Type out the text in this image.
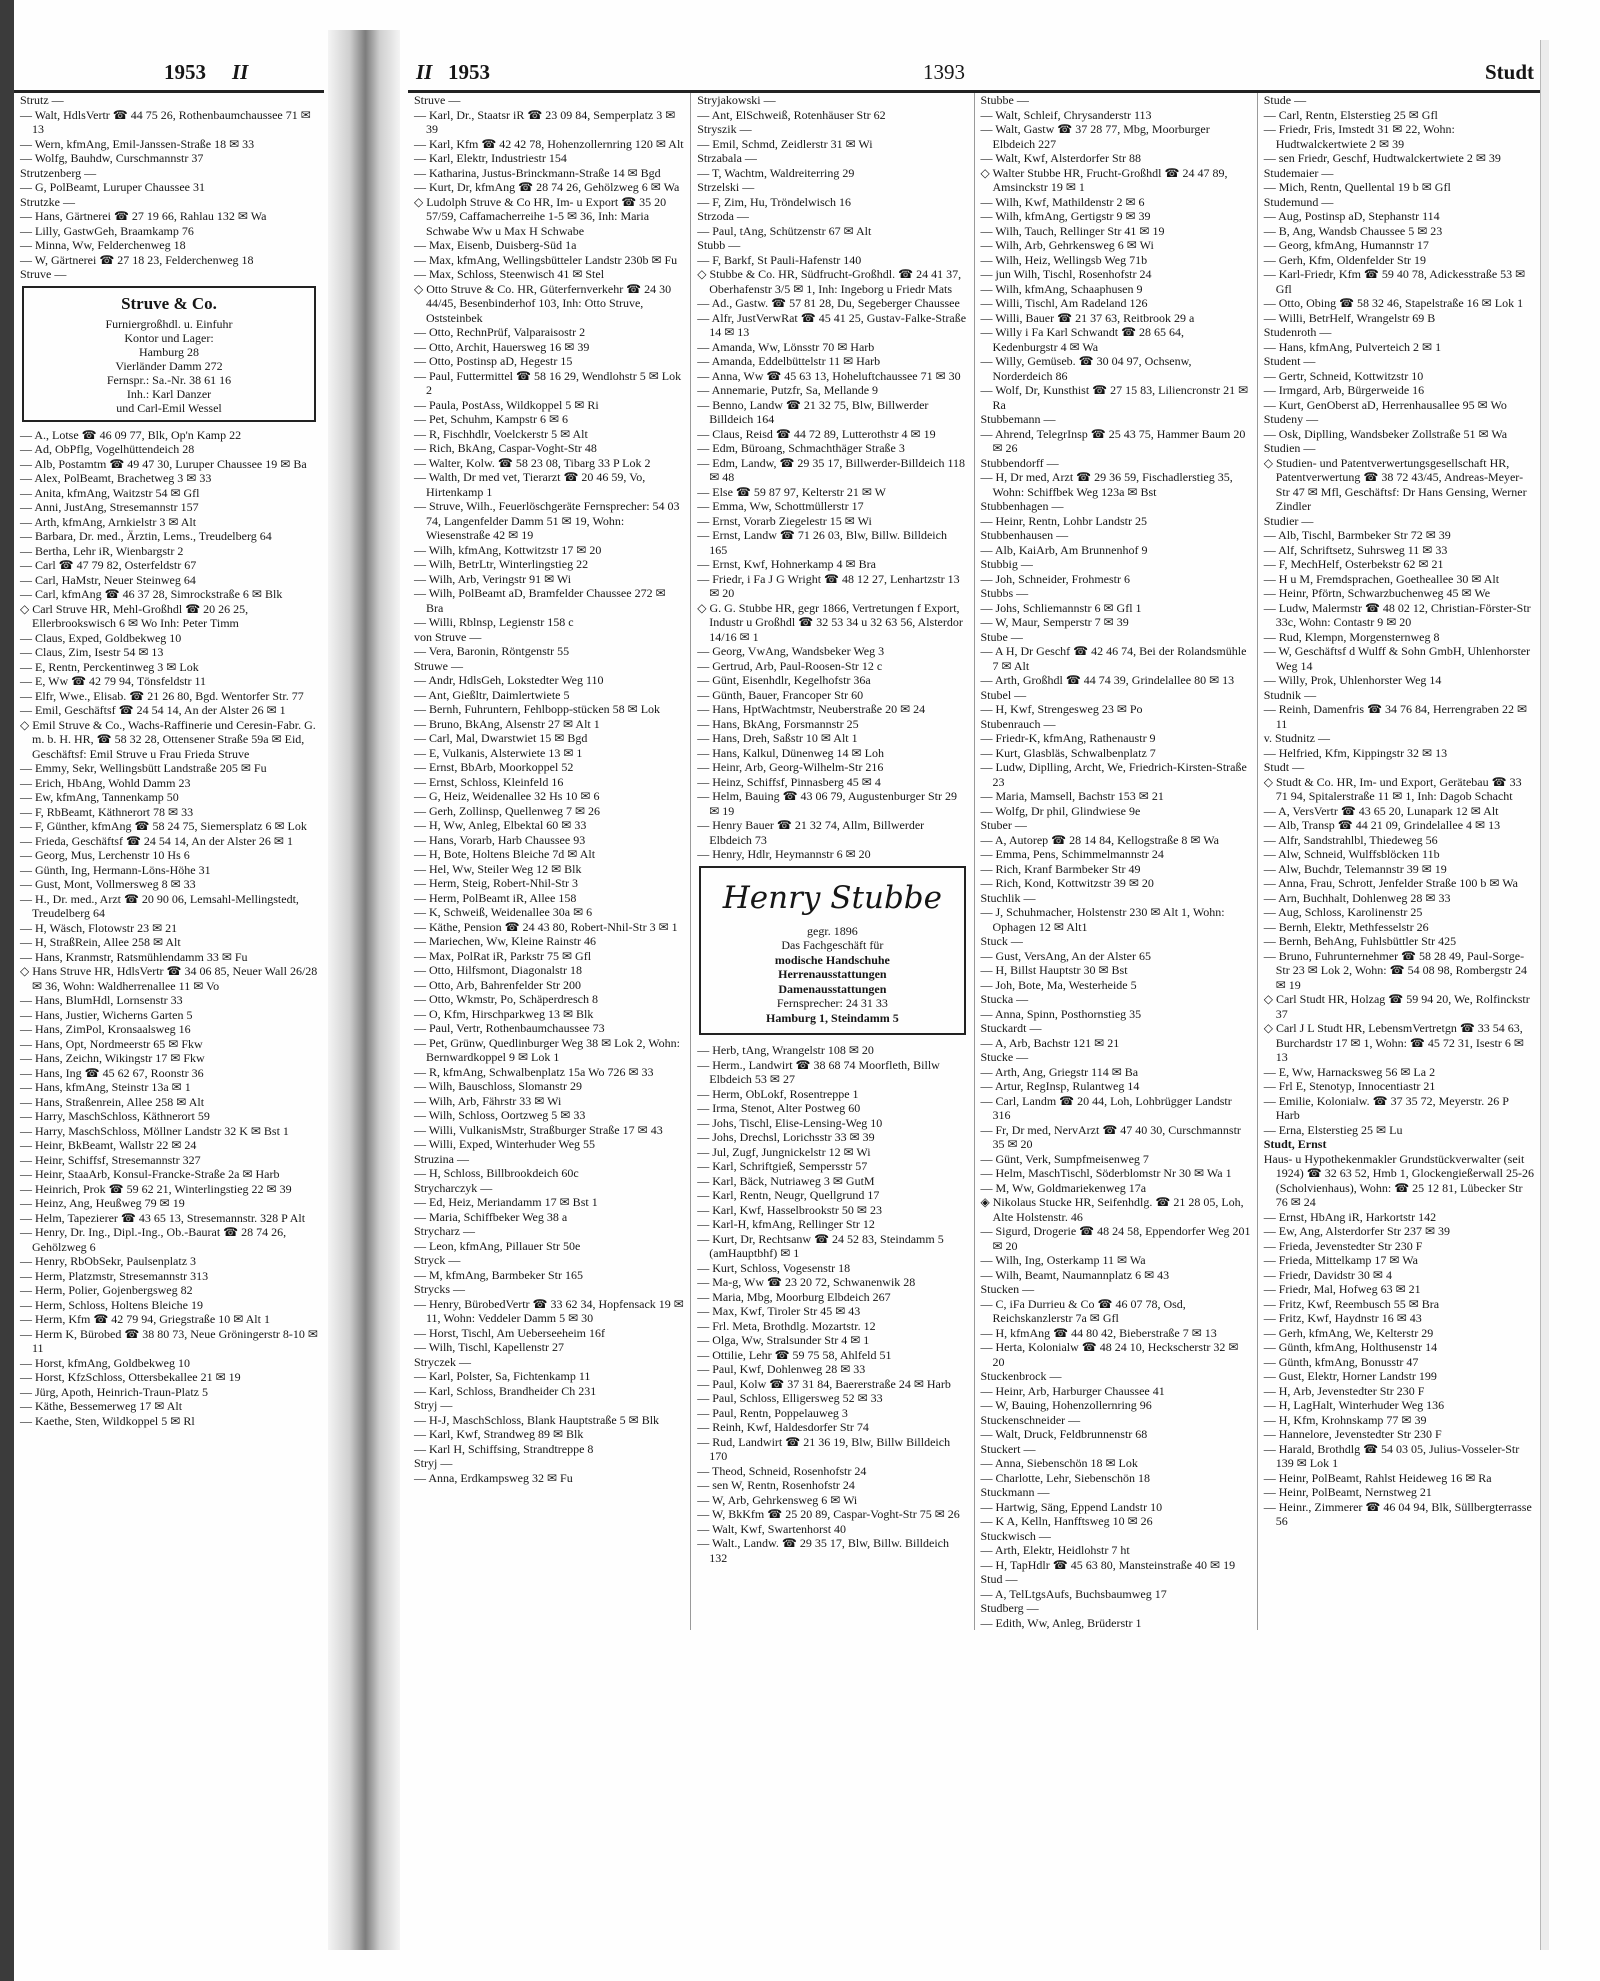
1953 II
Strutz —
— Walt, HdlsVertr ☎ 44 75 26, Rothenbaumchaussee 71 ✉ 13
— Wern, kfmAng, Emil-Janssen-Straße 18 ✉ 33
— Wolfg, Bauhdw, Curschmannstr 37
Strutzenberg —
— G, PolBeamt, Luruper Chaussee 31
Strutzke —
— Hans, Gärtnerei ☎ 27 19 66, Rahlau 132 ✉ Wa
— Lilly, GastwGeh, Braamkamp 76
— Minna, Ww, Felderchenweg 18
— W, Gärtnerei ☎ 27 18 23, Felderchenweg 18
Struve —
Struve & Co.
Furniergroßhdl. u. Einfuhr
Kontor und Lager:
Hamburg 28
Vierländer Damm 272
Fernspr.: Sa.-Nr. 38 61 16
Inh.: Karl Danzer
und Carl-Emil Wessel
— A., Lotse ☎ 46 09 77, Blk, Op'n Kamp 22
— Ad, ObPflg, Vogelhüttendeich 28
— Alb, Postamtm ☎ 49 47 30, Luruper Chaussee 19 ✉ Ba
— Alex, PolBeamt, Brachetweg 3 ✉ 33
— Anita, kfmAng, Waitzstr 54 ✉ Gfl
— Anni, JustAng, Stresemannstr 157
— Arth, kfmAng, Arnkielstr 3 ✉ Alt
— Barbara, Dr. med., Ärztin, Lems., Treudelberg 64
— Bertha, Lehr iR, Wienbargstr 2
— Carl ☎ 47 79 82, Osterfeldstr 67
— Carl, HaMstr, Neuer Steinweg 64
— Carl, kfmAng ☎ 46 37 28, Simrockstraße 6 ✉ Blk
◇ Carl Struve HR, Mehl-Großhdl ☎ 20 26 25, Ellerbrookswisch 6 ✉ Wo Inh: Peter Timm
— Claus, Exped, Goldbekweg 10
— Claus, Zim, Isestr 54 ✉ 13
— E, Rentn, Perckentinweg 3 ✉ Lok
— E, Ww ☎ 42 79 94, Tönsfeldstr 11
— Elfr, Wwe., Elisab. ☎ 21 26 80, Bgd. Wentorfer Str. 77
— Emil, Geschäftsf ☎ 24 54 14, An der Alster 26 ✉ 1
◇ Emil Struve & Co., Wachs-Raffinerie und Ceresin-Fabr. G. m. b. H. HR, ☎ 58 32 28, Ottensener Straße 59a ✉ Eid, Geschäftsf: Emil Struve u Frau Frieda Struve
— Emmy, Sekr, Wellingsbütt Landstraße 205 ✉ Fu
— Erich, HbAng, Wohld Damm 23
— Ew, kfmAng, Tannenkamp 50
— F, RbBeamt, Käthnerort 78 ✉ 33
— F, Günther, kfmAng ☎ 58 24 75, Siemersplatz 6 ✉ Lok
— Frieda, Geschäftsf ☎ 24 54 14, An der Alster 26 ✉ 1
— Georg, Mus, Lerchenstr 10 Hs 6
— Günth, Ing, Hermann-Löns-Höhe 31
— Gust, Mont, Vollmersweg 8 ✉ 33
— H., Dr. med., Arzt ☎ 20 90 06, Lemsahl-Mellingstedt, Treudelberg 64
— H, Wäsch, Flotowstr 23 ✉ 21
— H, StraßRein, Allee 258 ✉ Alt
— Hans, Kranmstr, Ratsmühlendamm 33 ✉ Fu
◇ Hans Struve HR, HdlsVertr ☎ 34 06 85, Neuer Wall 26/28 ✉ 36, Wohn: Waldherrenallee 11 ✉ Vo
— Hans, BlumHdl, Lornsenstr 33
— Hans, Justier, Wicherns Garten 5
— Hans, ZimPol, Kronsaalsweg 16
— Hans, Opt, Nordmeerstr 65 ✉ Fkw
— Hans, Zeichn, Wikingstr 17 ✉ Fkw
— Hans, Ing ☎ 45 62 67, Roonstr 36
— Hans, kfmAng, Steinstr 13a ✉ 1
— Hans, Straßenrein, Allee 258 ✉ Alt
— Harry, MaschSchloss, Käthnerort 59
— Harry, MaschSchloss, Möllner Landstr 32 K ✉ Bst 1
— Heinr, BkBeamt, Wallstr 22 ✉ 24
— Heinr, Schiffsf, Stresemannstr 327
— Heinr, StaaArb, Konsul-Francke-Straße 2a ✉ Harb
— Heinrich, Prok ☎ 59 62 21, Winterlingstieg 22 ✉ 39
— Heinz, Ang, Heußweg 79 ✉ 19
— Helm, Tapezierer ☎ 43 65 13, Stresemannstr. 328 P Alt
— Henry, Dr. Ing., Dipl.-Ing., Ob.-Baurat ☎ 28 74 26, Gehölzweg 6
— Henry, RbObSekr, Paulsenplatz 3
— Herm, Platzmstr, Stresemannstr 313
— Herm, Polier, Gojenbergsweg 82
— Herm, Schloss, Holtens Bleiche 19
— Herm, Kfm ☎ 42 79 94, Griegstraße 10 ✉ Alt 1
— Herm K, Bürobed ☎ 38 80 73, Neue Gröningerstr 8-10 ✉ 11
— Horst, kfmAng, Goldbekweg 10
— Horst, KfzSchloss, Ottersbekallee 21 ✉ 19
— Jürg, Apoth, Heinrich-Traun-Platz 5
— Käthe, Bessemerweg 17 ✉ Alt
— Kaethe, Sten, Wildkoppel 5 ✉ Rl
II 1953	1393	Studt
Struve —
— Karl, Dr., Staatsr iR ☎ 23 09 84, Semperplatz 3 ✉ 39
— Karl, Kfm ☎ 42 42 78, Hohenzollernring 120 ✉ Alt
— Karl, Elektr, Industriestr 154
— Katharina, Justus-Brinckmann-Straße 14 ✉ Bgd
— Kurt, Dr, kfmAng ☎ 28 74 26, Gehölzweg 6 ✉ Wa
◇ Ludolph Struve & Co HR, Im- u Export ☎ 35 20 57/59, Caffamacherreihe 1-5 ✉ 36, Inh: Maria Schwabe Ww u Max H Schwabe
— Max, Eisenb, Duisberg-Süd 1a
— Max, kfmAng, Wellingsbütteler Landstr 230b ✉ Fu
— Max, Schloss, Steenwisch 41 ✉ Stel
◇ Otto Struve & Co. HR, Güterfernverkehr ☎ 24 30 44/45, Besenbinderhof 103, Inh: Otto Struve, Oststeinbek
— Otto, RechnPrüf, Valparaisostr 2
— Otto, Archit, Hauersweg 16 ✉ 39
— Otto, Postinsp aD, Hegestr 15
— Paul, Futtermittel ☎ 58 16 29, Wendlohstr 5 ✉ Lok 2
— Paula, PostAss, Wildkoppel 5 ✉ Ri
— Pet, Schuhm, Kampstr 6 ✉ 6
— R, Fischhdlr, Voelckerstr 5 ✉ Alt
— Rich, BkAng, Caspar-Voght-Str 48
— Walter, Kolw. ☎ 58 23 08, Tibarg 33 P Lok 2
— Walth, Dr med vet, Tierarzt ☎ 20 46 59, Vo, Hirtenkamp 1
— Struve, Wilh., Feuerlöschgeräte Fernsprecher: 54 03 74, Langenfelder Damm 51 ✉ 19, Wohn: Wiesenstraße 42 ✉ 19
— Wilh, kfmAng, Kottwitzstr 17 ✉ 20
— Wilh, BetrLtr, Winterlingstieg 22
— Wilh, Arb, Veringstr 91 ✉ Wi
— Wilh, PolBeamt aD, Bramfelder Chaussee 272 ✉ Bra
— Willi, Rblnsp, Legienstr 158 c
von Struve —
— Vera, Baronin, Röntgenstr 55
Struwe —
— Andr, HdlsGeh, Lokstedter Weg 110
— Ant, Gießltr, Daimlertwiete 5
— Bernh, Fuhruntern, Fehlbopp-stücken 58 ✉ Lok
— Bruno, BkAng, Alsenstr 27 ✉ Alt 1
— Carl, Mal, Dwarstwiet 15 ✉ Bgd
— E, Vulkanis, Alsterwiete 13 ✉ 1
— Ernst, BbArb, Moorkoppel 52
— Ernst, Schloss, Kleinfeld 16
— G, Heiz, Weidenallee 32 Hs 10 ✉ 6
— Gerh, Zollinsp, Quellenweg 7 ✉ 26
— H, Ww, Anleg, Elbektal 60 ✉ 33
— Hans, Vorarb, Harb Chaussee 93
— H, Bote, Holtens Bleiche 7d ✉ Alt
— Hel, Ww, Steiler Weg 12 ✉ Blk
— Herm, Steig, Robert-Nhil-Str 3
— Herm, PolBeamt iR, Allee 158
— K, Schweiß, Weidenallee 30a ✉ 6
— Käthe, Pension ☎ 24 43 80, Robert-Nhil-Str 3 ✉ 1
— Mariechen, Ww, Kleine Rainstr 46
— Max, PolRat iR, Parkstr 75 ✉ Gfl
— Otto, Hilfsmont, Diagonalstr 18
— Otto, Arb, Bahrenfelder Str 200
— Otto, Wkmstr, Po, Schäperdresch 8
— O, Kfm, Hirschparkweg 13 ✉ Blk
— Paul, Vertr, Rothenbaumchaussee 73
— Pet, Grünw, Quedlinburger Weg 38 ✉ Lok 2, Wohn: Bernwardkoppel 9 ✉ Lok 1
— R, kfmAng, Schwalbenplatz 15a Wo 726 ✉ 33
— Wilh, Bauschloss, Slomanstr 29
— Wilh, Arb, Fährstr 33 ✉ Wi
— Wilh, Schloss, Oortzweg 5 ✉ 33
— Willi, VulkanisMstr, Straßburger Straße 17 ✉ 43
— Willi, Exped, Winterhuder Weg 55
Struzina —
— H, Schloss, Billbrookdeich 60c
Strycharczyk —
— Ed, Heiz, Meriandamm 17 ✉ Bst 1
— Maria, Schiffbeker Weg 38 a
Strycharz —
— Leon, kfmAng, Pillauer Str 50e
Stryck —
— M, kfmAng, Barmbeker Str 165
Strycks —
— Henry, BürobedVertr ☎ 33 62 34, Hopfensack 19 ✉ 11, Wohn: Veddeler Damm 5 ✉ 30
— Horst, Tischl, Am Ueberseeheim 16f
— Wilh, Tischl, Kapellenstr 27
Stryczek —
— Karl, Polster, Sa, Fichtenkamp 11
— Karl, Schloss, Brandheider Ch 231
Stryj —
— H-J, MaschSchloss, Blank Hauptstraße 5 ✉ Blk
— Karl, Kwf, Strandweg 89 ✉ Blk
— Karl H, Schiffsing, Strandtreppe 8
Stryj —
— Anna, Erdkampsweg 32 ✉ Fu
Stryjakowski —
— Ant, ElSchweiß, Rotenhäuser Str 62
Stryszik —
— Emil, Schmd, Zeidlerstr 31 ✉ Wi
Strzabala —
— T, Wachtm, Waldreiterring 29
Strzelski —
— F, Zim, Hu, Tröndelwisch 16
Strzoda —
— Paul, tAng, Schützenstr 67 ✉ Alt
Stubb —
— F, Barkf, St Pauli-Hafenstr 140
◇ Stubbe & Co. HR, Südfrucht-Großhdl. ☎ 24 41 37, Oberhafenstr 3/5 ✉ 1, Inh: Ingeborg u Friedr Mats
— Ad., Gastw. ☎ 57 81 28, Du, Segeberger Chaussee
— Alfr, JustVerwRat ☎ 45 41 25, Gustav-Falke-Straße 14 ✉ 13
— Amanda, Ww, Lönsstr 70 ✉ Harb
— Amanda, Eddelbüttelstr 11 ✉ Harb
— Anna, Ww ☎ 45 63 13, Hoheluftchaussee 71 ✉ 30
— Annemarie, Putzfr, Sa, Mellande 9
— Benno, Landw ☎ 21 32 75, Blw, Billwerder Billdeich 164
— Claus, Reisd ☎ 44 72 89, Lutterothstr 4 ✉ 19
— Edm, Büroang, Schmachthäger Straße 3
— Edm, Landw, ☎ 29 35 17, Billwerder-Billdeich 118 ✉ 48
— Else ☎ 59 87 97, Kelterstr 21 ✉ W
— Emma, Ww, Schottmüllerstr 17
— Ernst, Vorarb Ziegelestr 15 ✉ Wi
— Ernst, Landw ☎ 71 26 03, Blw, Billw. Billdeich 165
— Ernst, Kwf, Hohnerkamp 4 ✉ Bra
— Friedr, i Fa J G Wright ☎ 48 12 27, Lenhartzstr 13 ✉ 20
◇ G. G. Stubbe HR, gegr 1866, Vertretungen f Export, Industr u Großhdl ☎ 32 53 34 u 32 63 56, Alsterdor 14/16 ✉ 1
— Georg, VwAng, Wandsbeker Weg 3
— Gertrud, Arb, Paul-Roosen-Str 12 c
— Günt, Eisenhdlr, Kegelhofstr 36a
— Günth, Bauer, Francoper Str 60
— Hans, HptWachtmstr, Neuberstraße 20 ✉ 24
— Hans, BkAng, Forsmannstr 25
— Hans, Dreh, Saßstr 10 ✉ Alt 1
— Hans, Kalkul, Dünenweg 14 ✉ Loh
— Heinr, Arb, Georg-Wilhelm-Str 216
— Heinz, Schiffsf, Pinnasberg 45 ✉ 4
— Helm, Bauing ☎ 43 06 79, Augustenburger Str 29 ✉ 19
— Henry Bauer ☎ 21 32 74, Allm, Billwerder Elbdeich 73
— Henry, Hdlr, Heymannstr 6 ✉ 20
Henry Stubbe
gegr. 1896
Das Fachgeschäft für
modische Handschuhe
Herrenausstattungen
Damenausstattungen
Fernsprecher: 24 31 33
Hamburg 1, Steindamm 5
— Herb, tAng, Wrangelstr 108 ✉ 20
— Herm., Landwirt ☎ 38 68 74 Moorfleth, Billw Elbdeich 53 ✉ 27
— Herm, ObLokf, Rosentreppe 1
— Irma, Stenot, Alter Postweg 60
— Johs, Tischl, Elise-Lensing-Weg 10
— Johs, Drechsl, Lorichsstr 33 ✉ 39
— Jul, Zugf, Jungnickelstr 12 ✉ Wi
— Karl, Schriftgieß, Sempersstr 57
— Karl, Bäck, Nutriaweg 3 ✉ GutM
— Karl, Rentn, Neugr, Quellgrund 17
— Karl, Kwf, Hasselbrookstr 50 ✉ 23
— Karl-H, kfmAng, Rellinger Str 12
— Kurt, Dr, Rechtsanw ☎ 24 52 83, Steindamm 5 (amHauptbhf) ✉ 1
— Kurt, Schloss, Vogesenstr 18
— Ma-g, Ww ☎ 23 20 72, Schwanenwik 28
— Maria, Mbg, Moorburg Elbdeich 267
— Max, Kwf, Tiroler Str 45 ✉ 43
— Frl. Meta, Brothdlg. Mozartstr. 12
— Olga, Ww, Stralsunder Str 4 ✉ 1
— Ottilie, Lehr ☎ 59 75 58, Ahlfeld 51
— Paul, Kwf, Dohlenweg 28 ✉ 33
— Paul, Kolw ☎ 37 31 84, Baererstraße 24 ✉ Harb
— Paul, Schloss, Elligersweg 52 ✉ 33
— Paul, Rentn, Poppelauweg 3
— Reinh, Kwf, Haldesdorfer Str 74
— Rud, Landwirt ☎ 21 36 19, Blw, Billw Billdeich 170
— Theod, Schneid, Rosenhofstr 24
— sen W, Rentn, Rosenhofstr 24
— W, Arb, Gehrkensweg 6 ✉ Wi
— W, BkKfm ☎ 25 20 89, Caspar-Voght-Str 75 ✉ 26
— Walt, Kwf, Swartenhorst 40
— Walt., Landw. ☎ 29 35 17, Blw, Billw. Billdeich 132
Stubbe —
— Walt, Schleif, Chrysanderstr 113
— Walt, Gastw ☎ 37 28 77, Mbg, Moorburger Elbdeich 227
— Walt, Kwf, Alsterdorfer Str 88
◇ Walter Stubbe HR, Frucht-Großhdl ☎ 24 47 89, Amsinckstr 19 ✉ 1
— Wilh, Kwf, Mathildenstr 2 ✉ 6
— Wilh, kfmAng, Gertigstr 9 ✉ 39
— Wilh, Tauch, Rellinger Str 41 ✉ 19
— Wilh, Arb, Gehrkensweg 6 ✉ Wi
— Wilh, Heiz, Wellingsb Weg 71b
— jun Wilh, Tischl, Rosenhofstr 24
— Wilh, kfmAng, Schaaphusen 9
— Willi, Tischl, Am Radeland 126
— Willi, Bauer ☎ 21 37 63, Reitbrook 29 a
— Willy i Fa Karl Schwandt ☎ 28 65 64, Kedenburgstr 4 ✉ Wa
— Willy, Gemüseb. ☎ 30 04 97, Ochsenw, Norderdeich 86
— Wolf, Dr, Kunsthist ☎ 27 15 83, Liliencronstr 21 ✉ Ra
Stubbemann —
— Ahrend, TelegrInsp ☎ 25 43 75, Hammer Baum 20 ✉ 26
Stubbendorff —
— H, Dr med, Arzt ☎ 29 36 59, Fischadlerstieg 35, Wohn: Schiffbek Weg 123a ✉ Bst
Stubbenhagen —
— Heinr, Rentn, Lohbr Landstr 25
Stubbenhausen —
— Alb, KaiArb, Am Brunnenhof 9
Stubbig —
— Joh, Schneider, Frohmestr 6
Stubbs —
— Johs, Schliemannstr 6 ✉ Gfl 1
— W, Maur, Semperstr 7 ✉ 39
Stube —
— A H, Dr Geschf ☎ 42 46 74, Bei der Rolandsmühle 7 ✉ Alt
— Arth, Großhdl ☎ 44 74 39, Grindelallee 80 ✉ 13
Stubel —
— H, Kwf, Strengesweg 23 ✉ Po
Stubenrauch —
— Friedr-K, kfmAng, Rathenaustr 9
— Kurt, Glasbläs, Schwalbenplatz 7
— Ludw, Diplling, Archt, We, Friedrich-Kirsten-Straße 23
— Maria, Mamsell, Bachstr 153 ✉ 21
— Wolfg, Dr phil, Glindwiese 9e
Stuber —
— A, Autorep ☎ 28 14 84, Kellogstraße 8 ✉ Wa
— Emma, Pens, Schimmelmannstr 24
— Rich, Kranf Barmbeker Str 49
— Rich, Kond, Kottwitzstr 39 ✉ 20
Stuchlik —
— J, Schuhmacher, Holstenstr 230 ✉ Alt 1, Wohn: Ophagen 12 ✉ Alt1
Stuck —
— Gust, VersAng, An der Alster 65
— H, Billst Hauptstr 30 ✉ Bst
— Joh, Bote, Ma, Westerheide 5
Stucka —
— Anna, Spinn, Posthornstieg 35
Stuckardt —
— A, Arb, Bachstr 121 ✉ 21
Stucke —
— Arth, Ang, Griegstr 114 ✉ Ba
— Artur, RegInsp, Rulantweg 14
— Carl, Landm ☎ 20 44, Loh, Lohbrügger Landstr 316
— Fr, Dr med, NervArzt ☎ 47 40 30, Curschmannstr 35 ✉ 20
— Günt, Verk, Sumpfmeisenweg 7
— Helm, MaschTischl, Söderblomstr Nr 30 ✉ Wa 1
— M, Ww, Goldmariekenweg 17a
◈ Nikolaus Stucke HR, Seifenhdlg. ☎ 21 28 05, Loh, Alte Holstenstr. 46
— Sigurd, Drogerie ☎ 48 24 58, Eppendorfer Weg 201 ✉ 20
— Wilh, Ing, Osterkamp 11 ✉ Wa
— Wilh, Beamt, Naumannplatz 6 ✉ 43
Stucken —
— C, iFa Durrieu & Co ☎ 46 07 78, Osd, Reichskanzlerstr 7a ✉ Gfl
— H, kfmAng ☎ 44 80 42, Bieberstraße 7 ✉ 13
— Herta, Kolonialw ☎ 48 24 10, Heckscherstr 32 ✉ 20
Stuckenbrock —
— Heinr, Arb, Harburger Chaussee 41
— W, Bauing, Hohenzollernring 96
Stuckenschneider —
— Walt, Druck, Feldbrunnenstr 68
Stuckert —
— Anna, Siebenschön 18 ✉ Lok
— Charlotte, Lehr, Siebenschön 18
Stuckmann —
— Hartwig, Säng, Eppend Landstr 10
— K A, Kelln, Hanfftsweg 10 ✉ 26
Stuckwisch —
— Arth, Elektr, Heidlohstr 7 ht
— H, TapHdlr ☎ 45 63 80, Mansteinstraße 40 ✉ 19
Stud —
— A, TelLtgsAufs, Buchsbaumweg 17
Studberg —
— Edith, Ww, Anleg, Brüderstr 1
Stude —
— Carl, Rentn, Elsterstieg 25 ✉ Gfl
— Friedr, Fris, Imstedt 31 ✉ 22, Wohn: Hudtwalckertwiete 2 ✉ 39
— sen Friedr, Geschf, Hudtwalckertwiete 2 ✉ 39
Studemaier —
— Mich, Rentn, Quellental 19 b ✉ Gfl
Studemund —
— Aug, Postinsp aD, Stephanstr 114
— B, Ang, Wandsb Chaussee 5 ✉ 23
— Georg, kfmAng, Humannstr 17
— Gerh, Kfm, Oldenfelder Str 19
— Karl-Friedr, Kfm ☎ 59 40 78, Adickesstraße 53 ✉ Gfl
— Otto, Obing ☎ 58 32 46, Stapelstraße 16 ✉ Lok 1
— Willi, BetrHelf, Wrangelstr 69 B
Studenroth —
— Hans, kfmAng, Pulverteich 2 ✉ 1
Student —
— Gertr, Schneid, Kottwitzstr 10
— Irmgard, Arb, Bürgerweide 16
— Kurt, GenOberst aD, Herrenhausallee 95 ✉ Wo
Studeny —
— Osk, Diplling, Wandsbeker Zollstraße 51 ✉ Wa
Studien —
◇ Studien- und Patentverwertungsgesellschaft HR, Patentverwertung ☎ 38 72 43/45, Andreas-Meyer-Str 47 ✉ Mfl, Geschäftsf: Dr Hans Gensing, Werner Zindler
Studier —
— Alb, Tischl, Barmbeker Str 72 ✉ 39
— Alf, Schriftsetz, Suhrsweg 11 ✉ 33
— F, MechHelf, Osterbekstr 62 ✉ 21
— H u M, Fremdsprachen, Goetheallee 30 ✉ Alt
— Heinr, Pförtn, Schwarzbuchenweg 45 ✉ We
— Ludw, Malermstr ☎ 48 02 12, Christian-Förster-Str 33c, Wohn: Contastr 9 ✉ 20
— Rud, Klempn, Morgensternweg 8
— W, Geschäftsf d Wulff & Sohn GmbH, Uhlenhorster Weg 14
— Willy, Prok, Uhlenhorster Weg 14
Studnik —
— Reinh, Damenfris ☎ 34 76 84, Herrengraben 22 ✉ 11
v. Studnitz —
— Helfried, Kfm, Kippingstr 32 ✉ 13
Studt —
◇ Studt & Co. HR, Im- und Export, Gerätebau ☎ 33 71 94, Spitalerstraße 11 ✉ 1, Inh: Dagob Schacht
— A, VersVertr ☎ 43 65 20, Lunapark 12 ✉ Alt
— Alb, Transp ☎ 44 21 09, Grindelallee 4 ✉ 13
— Alfr, Sandstrahlbl, Thiedeweg 56
— Alw, Schneid, Wulffsblöcken 11b
— Alw, Buchdr, Telemannstr 39 ✉ 19
— Anna, Frau, Schrott, Jenfelder Straße 100 b ✉ Wa
— Arn, Buchhalt, Dohlenweg 28 ✉ 33
— Aug, Schloss, Karolinenstr 25
— Bernh, Elektr, Methfesselstr 26
— Bernh, BehAng, Fuhlsbüttler Str 425
— Bruno, Fuhrunternehmer ☎ 58 28 49, Paul-Sorge-Str 23 ✉ Lok 2, Wohn: ☎ 54 08 98, Rombergstr 24 ✉ 19
◇ Carl Studt HR, Holzag ☎ 59 94 20, We, Rolfinckstr 37
◇ Carl J L Studt HR, LebensmVertretgn ☎ 33 54 63, Burchardstr 17 ✉ 1, Wohn: ☎ 45 72 31, Isestr 6 ✉ 13
— E, Ww, Harnacksweg 56 ✉ La 2
— Frl E, Stenotyp, Innocentiastr 21
— Emilie, Kolonialw. ☎ 37 35 72, Meyerstr. 26 P Harb
— Erna, Elsterstieg 25 ✉ Lu
Studt, Ernst
Haus- u Hypothekenmakler Grundstückverwalter (seit 1924) ☎ 32 63 52, Hmb 1, Glockengießerwall 25-26 (Scholvienhaus), Wohn: ☎ 25 12 81, Lübecker Str 76 ✉ 24
— Ernst, HbAng iR, Harkortstr 142
— Ew, Ang, Alsterdorfer Str 237 ✉ 39
— Frieda, Jevenstedter Str 230 F
— Frieda, Mittelkamp 17 ✉ Wa
— Friedr, Davidstr 30 ✉ 4
— Friedr, Mal, Hofweg 63 ✉ 21
— Fritz, Kwf, Reembusch 55 ✉ Bra
— Fritz, Kwf, Haydnstr 16 ✉ 43
— Gerh, kfmAng, We, Kelterstr 29
— Günth, kfmAng, Holthusenstr 14
— Günth, kfmAng, Bonusstr 47
— Gust, Elektr, Horner Landstr 199
— H, Arb, Jevenstedter Str 230 F
— H, LagHalt, Winterhuder Weg 136
— H, Kfm, Krohnskamp 77 ✉ 39
— Hannelore, Jevenstedter Str 230 F
— Harald, Brothdlg ☎ 54 03 05, Julius-Vosseler-Str 139 ✉ Lok 1
— Heinr, PolBeamt, Rahlst Heideweg 16 ✉ Ra
— Heinr, PolBeamt, Nernstweg 21
— Heinr., Zimmerer ☎ 46 04 94, Blk, Süllbergterrasse 56
